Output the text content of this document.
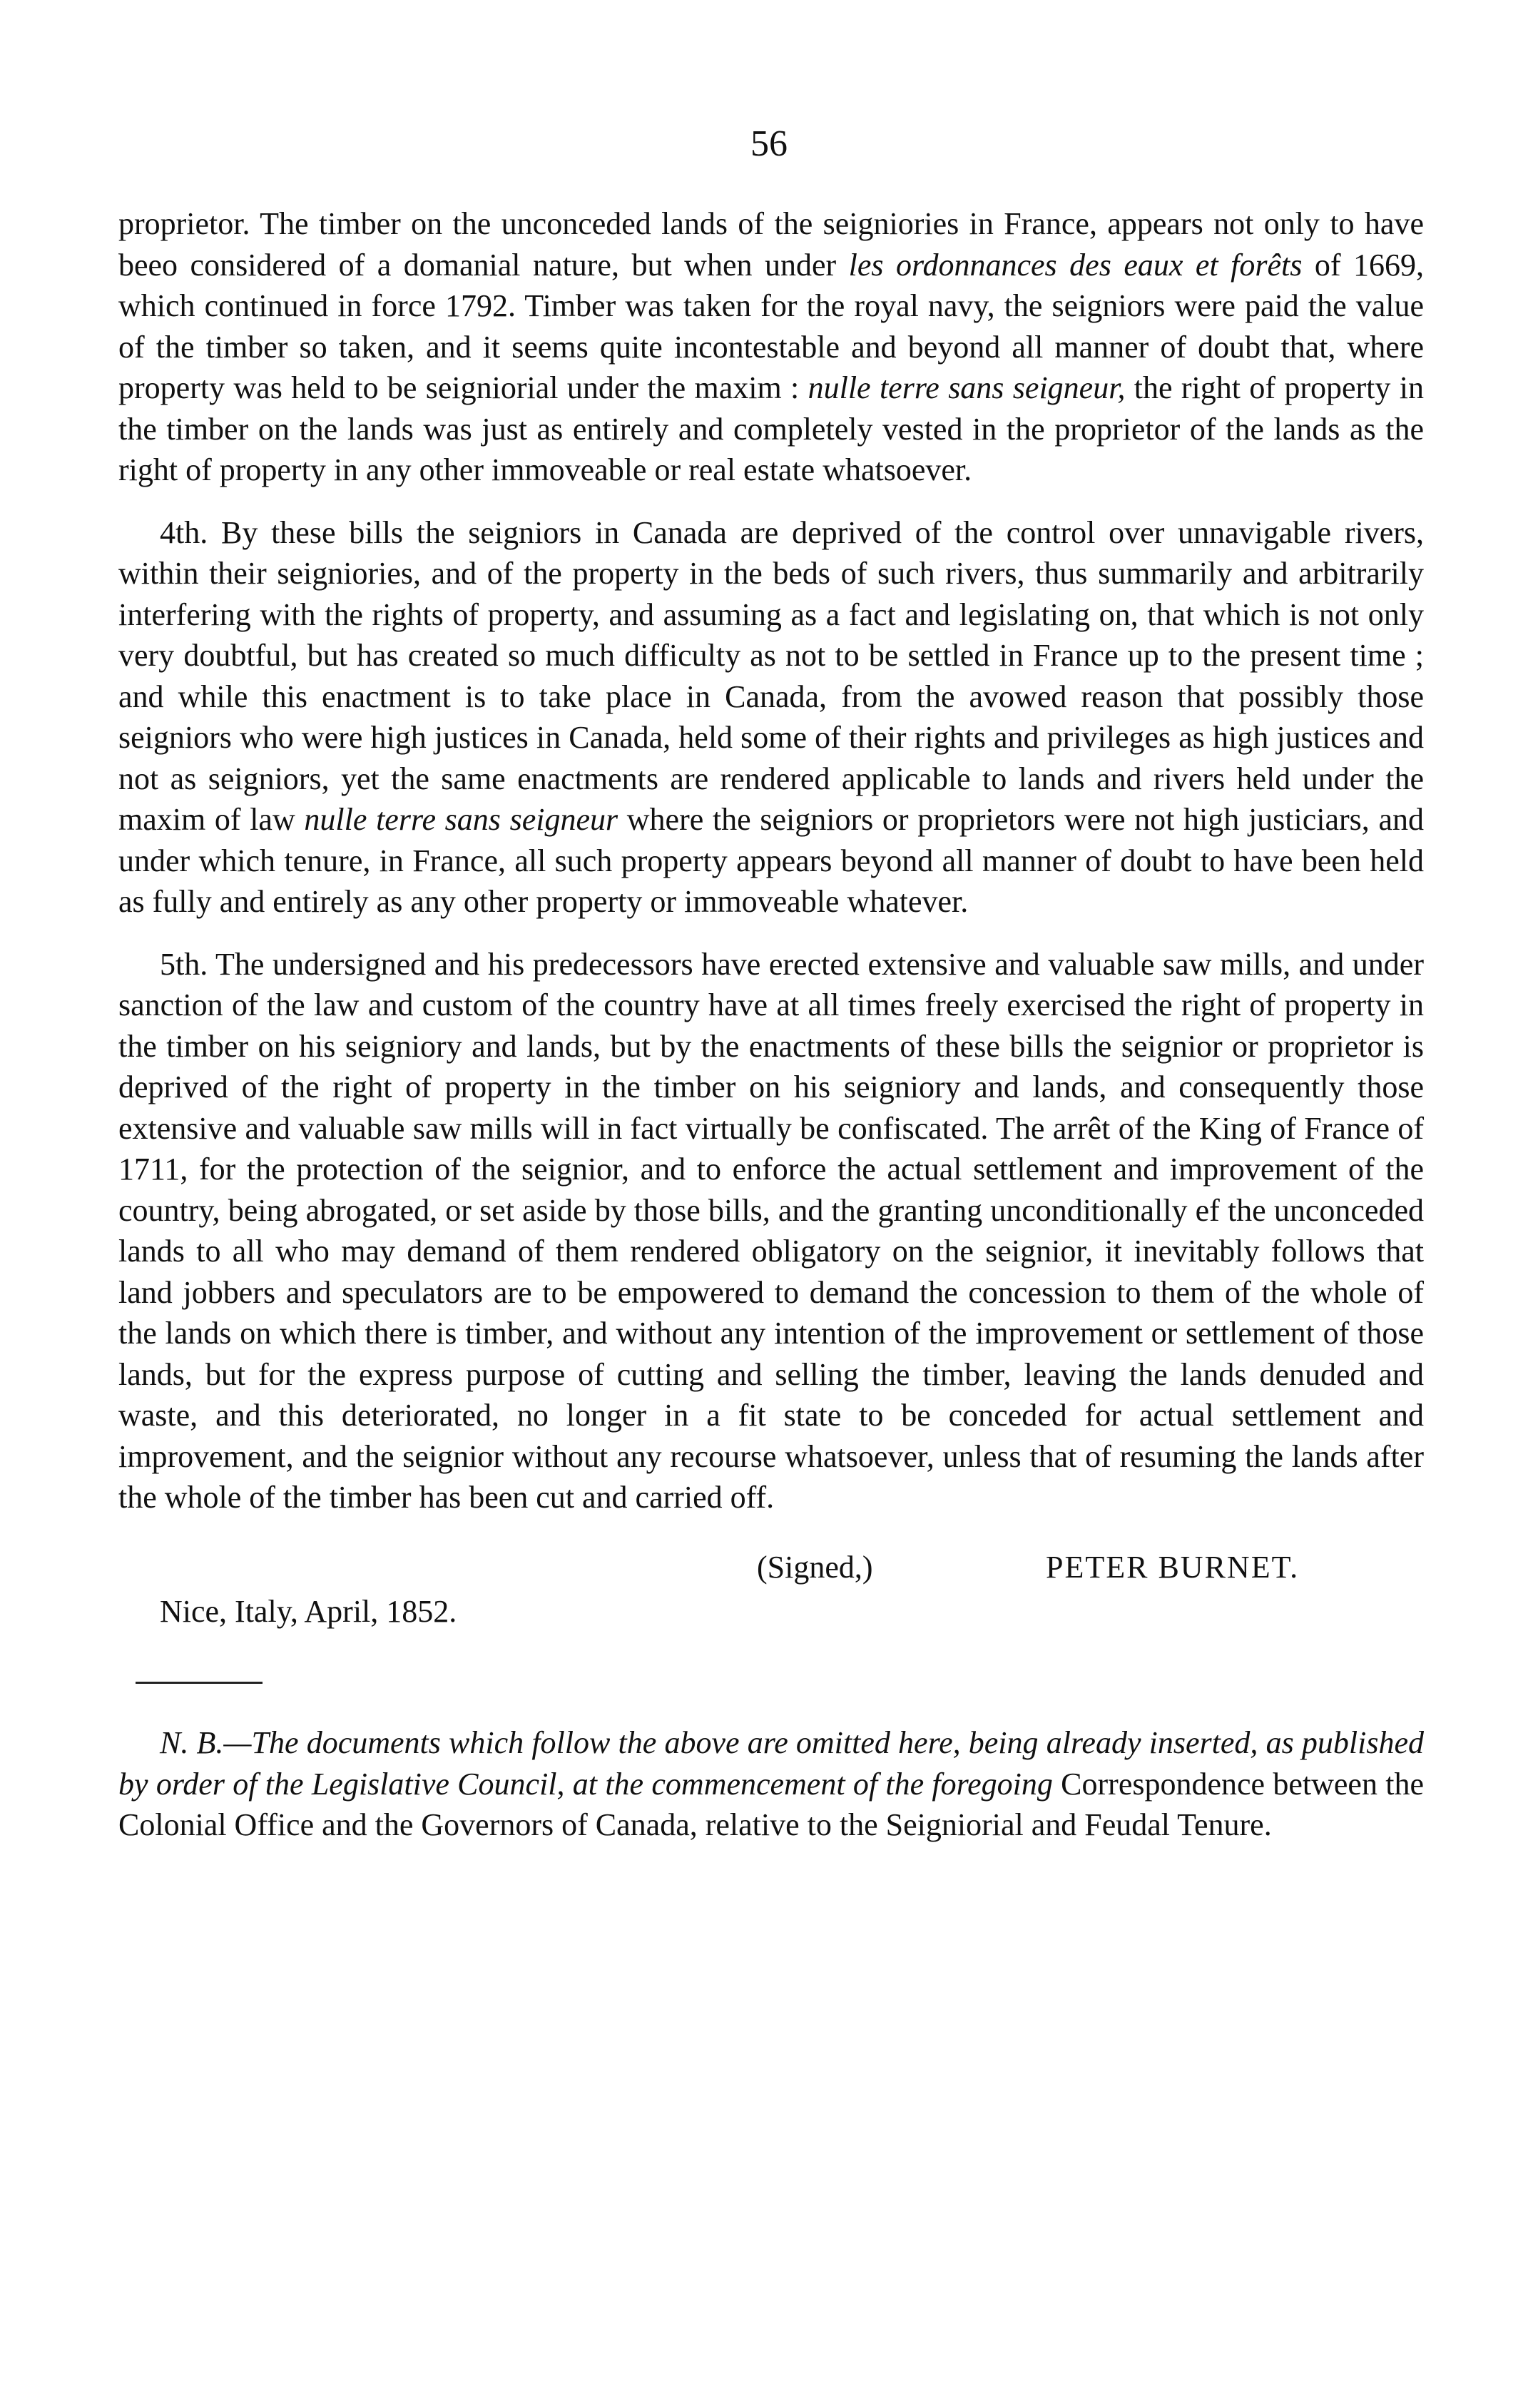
56

proprietor. The timber on the unconceded lands of the seigniories in France, appears not only to have beeo considered of a domanial nature, but when under les ordonnances des eaux et forêts of 1669, which continued in force 1792. Timber was taken for the royal navy, the seigniors were paid the value of the timber so taken, and it seems quite incontestable and beyond all manner of doubt that, where property was held to be seigniorial under the maxim : nulle terre sans seigneur, the right of property in the timber on the lands was just as entirely and completely vested in the proprietor of the lands as the right of property in any other immoveable or real estate whatsoever.

4th. By these bills the seigniors in Canada are deprived of the control over unnavigable rivers, within their seigniories, and of the property in the beds of such rivers, thus summarily and arbitrarily interfering with the rights of property, and assuming as a fact and legislating on, that which is not only very doubtful, but has created so much difficulty as not to be settled in France up to the present time ; and while this enactment is to take place in Canada, from the avowed reason that possibly those seigniors who were high justices in Canada, held some of their rights and privileges as high justices and not as seigniors, yet the same enactments are rendered applicable to lands and rivers held under the maxim of law nulle terre sans seigneur where the seigniors or proprietors were not high justiciars, and under which tenure, in France, all such property appears beyond all manner of doubt to have been held as fully and entirely as any other property or immoveable whatever.

5th. The undersigned and his predecessors have erected extensive and valuable saw mills, and under sanction of the law and custom of the country have at all times freely exercised the right of property in the timber on his seigniory and lands, but by the enactments of these bills the seignior or proprietor is deprived of the right of property in the timber on his seigniory and lands, and consequently those extensive and valuable saw mills will in fact virtually be confiscated. The arrêt of the King of France of 1711, for the protection of the seignior, and to enforce the actual settlement and improvement of the country, being abrogated, or set aside by those bills, and the granting unconditionally ef the unconceded lands to all who may demand of them rendered obligatory on the seignior, it inevitably follows that land jobbers and speculators are to be empowered to demand the concession to them of the whole of the lands on which there is timber, and without any intention of the improvement or settlement of those lands, but for the express purpose of cutting and selling the timber, leaving the lands denuded and waste, and this deteriorated, no longer in a fit state to be conceded for actual settlement and improvement, and the seignior without any recourse whatsoever, unless that of resuming the lands after the whole of the timber has been cut and carried off.

(Signed,)	PETER BURNET.

Nice, Italy, April, 1852.

N. B.—The documents which follow the above are omitted here, being already inserted, as published by order of the Legislative Council, at the commencement of the foregoing Correspondence between the Colonial Office and the Governors of Canada, relative to the Seigniorial and Feudal Tenure.
